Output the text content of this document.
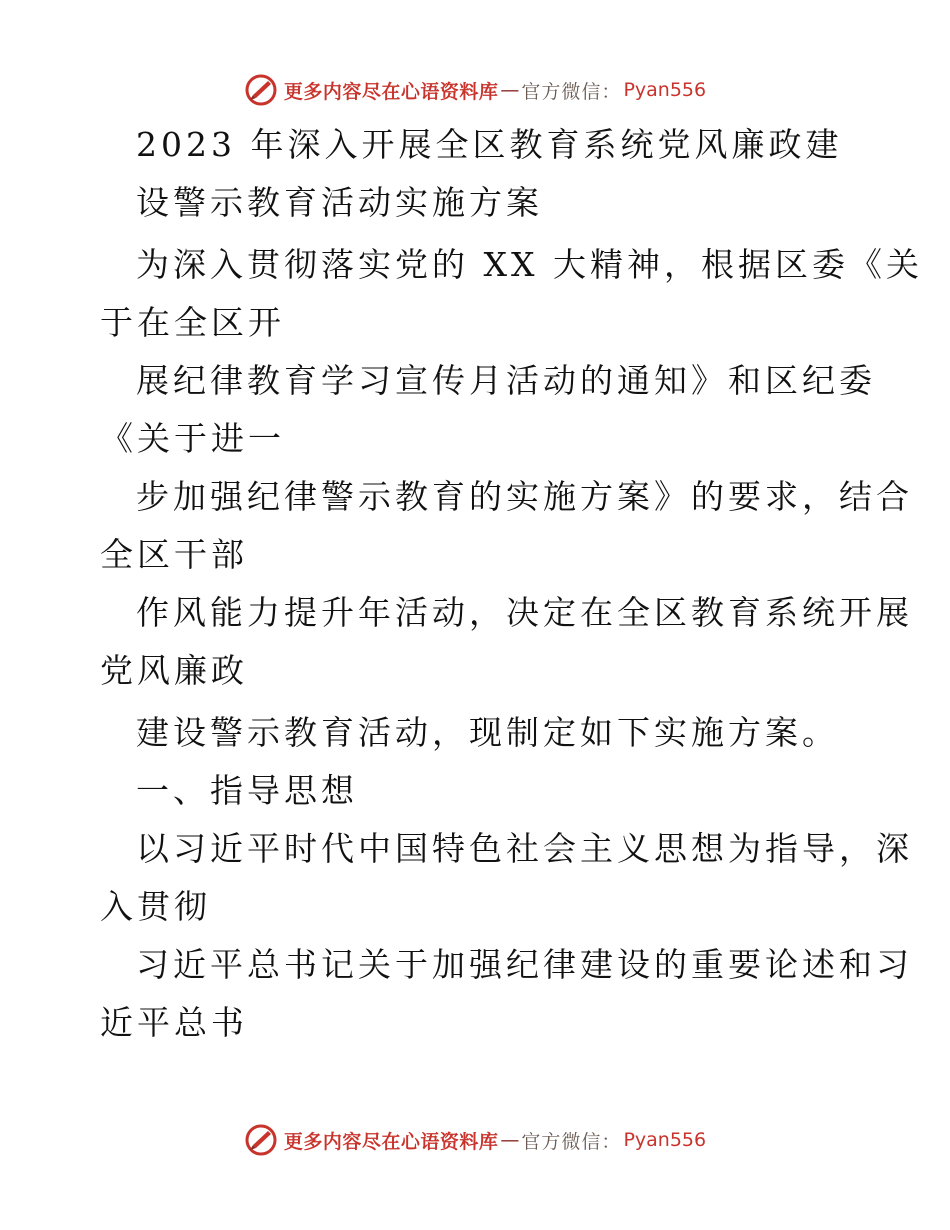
更多内容尽在心语资料库 — 官方微信： Pyan556
2023 年深入开展全区教育系统党风廉政建
设警示教育活动实施方案
为深入贯彻落实党的 XX 大精神，根据区委《关
于在全区开
展纪律教育学习宣传月活动的通知》和区纪委
《关于进一
步加强纪律警示教育的实施方案》的要求，结合
全区干部
作风能力提升年活动，决定在全区教育系统开展
党风廉政
建设警示教育活动，现制定如下实施方案。
一、指导思想
以习近平时代中国特色社会主义思想为指导，深
入贯彻
习近平总书记关于加强纪律建设的重要论述和习
近平总书
更多内容尽在心语资料库 — 官方微信： Pyan556
